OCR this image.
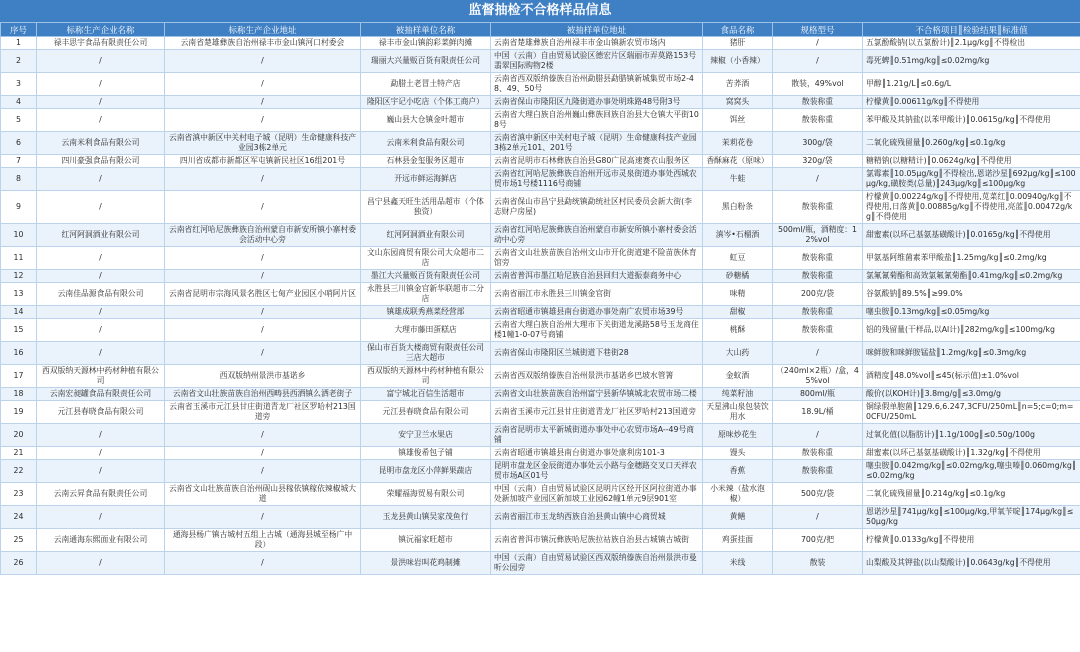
监督抽检不合格样品信息
序号	标称生产企业名称	标称生产企业地址	被抽样单位名称	被抽样单位地址	食品名称	规格型号	不合格项目║检验结果║标准值
1	禄丰思宇食品有限责任公司	云南省楚雄彝族自治州禄丰市金山镇河口村委会	禄丰市金山镇韵彩菜鲜肉摊	云南省楚雄彝族自治州禄丰市金山镇新农贸市场内	猪肝	/	五氯酚酸钠(以五氯酚计)║2.1μg/kg║不得检出
2	/	/	瑞丽大兴量贩百货有限责任公司	中国（云南）自由贸易试验区德宏片区瑞丽市弄莫路153号翡翠国际购物2楼	辣椒（小香辣）	/	毒死蜱║0.51mg/kg║≤0.02mg/kg
3	/	/	勐腊土老冒土特产店	云南省西双版纳傣族自治州勐腊县勐腊镇新城集贸市场2-48、49、50号	苦荞酒	散装，49%vol	甲醇║1.21g/L║≤0.6g/L
4	/	/	隆阳区宇记小吃店（个体工商户）	云南省保山市隆阳区九隆街道办事处明珠路48号附3号	窝窝头	散装称重	柠檬黄║0.00611g/kg║不得使用
5	/	/	巍山县大仓镇金叶超市	云南省大理白族自治州巍山彝族回族自治县大仓镇大平街108号	饵丝	散装称重	苯甲酸及其钠盐(以苯甲酸计)║0.0615g/kg║不得使用
6	云南米利食品有限公司	云南省滇中新区中关村电子城（昆明）生命健康科技产业园3栋2单元	云南米利食品有限公司	云南省滇中新区中关村电子城（昆明）生命健康科技产业园3栋2单元101、201号	茉莉花卷	300g/袋	二氧化硫残留量║0.260g/kg║≤0.1g/kg
7	四川豪强食品有限公司	四川省成都市新都区军屯镇新民社区16组201号	石林县金玺服务区超市	云南省昆明市石林彝族自治县G80广昆高速赛衣山服务区	香酥麻花（原味）	320g/袋	糖精钠(以糖精计)║0.0624g/kg║不得使用
8	/	/	开远市鲜运海鲜店	云南省红河哈尼族彝族自治州开远市灵泉街道办事处西城农贸市场1号楼1116号商铺	牛蛙	/	氯霉素║10.05μg/kg║不得检出,恩诺沙星║692μg/kg║≤100μg/kg,磺胺类(总量)║243μg/kg║≤100μg/kg
9	/	/	昌宁县鑫天旺生活用品超市（个体独资）	云南省保山市昌宁县勐统镇勐统社区村民委员会新大街(李志财户房屋)	黑白粉条	散装称重	柠檬黄║0.00224g/kg║不得使用,苋菜红║0.00940g/kg║不得使用,日落黄║0.00885g/kg║不得使用,亮蓝║0.00472g/kg║不得使用
10	红河阿洞酒业有限公司	云南省红河哈尼族彝族自治州蒙自市新安所镇小寨村委会活动中心旁	红河阿洞酒业有限公司	云南省红河哈尼族彝族自治州蒙自市新安所镇小寨村委会活动中心旁	滇岑•石榴酒	500ml/瓶，酒精度：12%vol	甜蜜素(以环己基氨基磺酸计)║0.0165g/kg║不得使用
11	/	/	文山东园商贸有限公司大众超市二店	云南省文山壮族苗族自治州文山市开化街道建不险苗族休育馆旁	虹豆	散装称重	甲氨基阿维菌素苯甲酸盐║1.25mg/kg║≤0.2mg/kg
12	/	/	墨江大兴量贩百货有限责任公司	云南省普洱市墨江哈尼族自治县回归大道振泰商务中心	砂糖橘	散装称重	氯氟氰菊酯和高效氯氟氰菊酯║0.41mg/kg║≤0.2mg/kg
13	云南佳品源食品有限公司	云南省昆明市宗海风景名胜区七甸产业园区小哨阿片区	永胜县三川镇金官新华联超市二分店	云南省丽江市永胜县三川镇金官街	味精	200克/袋	谷氨酸钠║89.5%║≥99.0%
14	/	/	镇雄成联秀燕菜经营部	云南省昭通市镇雄县南台街道办事处南广农贸市场39号	甜椒	散装称重	噻虫胺║0.13mg/kg║≤0.05mg/kg
15	/	/	大理市藤田蛋糕店	云南省大理白族自治州大理市下关街道龙溪路58号玉龙商住楼1幢1-0-07号商铺	桃酥	散装称重	铝的残留量(干样品,以Al计)║282mg/kg║≤100mg/kg
16	/	/	保山市百货大楼商贸有限责任公司三店大超市	云南省保山市隆阳区兰城街道下巷街28	大山药	/	咪鲜胺和咪鲜胺锰盐║1.2mg/kg║≤0.3mg/kg
17	西双版纳天源林中药材种植有限公司	西双版纳州景洪市基诺乡	西双版纳天源林中药材种植有限公司	云南省西双版纳傣族自治州景洪市基诺乡巴坡水管箐	金蚁酒	（240ml×2瓶）/盒，45%vol	酒精度║48.0%vol║≤45(标示值)±1.0%vol
18	云南宏昶罐食品有限责任公司	云南省文山壮族苗族自治州西畴县西洒镇么洒老街子	富宁城北百信生活超市	云南省文山壮族苗族自治州富宁县新华镇城北农贸市场二楼	纯菜籽油	800ml/瓶	酸价(以KOH计)║3.8mg/g║≤3.0mg/g
19	元江县春晓食品有限公司	云南省玉溪市元江县甘庄街道青龙厂社区罗哈村213国道旁	元江县春晓食品有限公司	云南省玉溪市元江县甘庄街道青龙厂社区罗哈村213国道旁	天星沸山泉包装饮用水	18.9L/桶	铜绿假单胞菌║129.6,6.247,3CFU/250mL║n=5;c=0;m=0CFU/250mL
20	/	/	安宁卫兰水果店	云南省昆明市太平新城街道办事处中心农贸市场A--49号商铺	原味炒花生	/	过氧化值(以脂肪计)║1.1g/100g║≤0.50g/100g
21	/	/	镇雄俊希包子铺	云南省昭通市镇雄县南台街道办事处康利房101-3	馒头	散装称重	甜蜜素(以环己基氨基磺酸计)║1.32g/kg║不得使用
22	/	/	昆明市盘龙区小萍鲜果蔬店	昆明市盘龙区金辰街道办事处云小路与金穗路交叉口天祥农贸市场A区01号	香蕉	散装称重	噻虫胺║0.042mg/kg║≤0.02mg/kg,噻虫嗪║0.060mg/kg║≤0.02mg/kg
23	云南云昇食品有限责任公司	云南省文山壮族苗族自治州砚山县稼依镇稼依辣椒城大道	荣耀福海贸易有限公司	中国（云南）自由贸易试验区昆明片区经开区阿拉街道办事处新加坡产业园区新加坡工业园62幢1单元9层901室	小米辣（盐水泡椒）	500克/袋	二氧化硫残留量║0.214g/kg║≤0.1g/kg
24	/	/	玉龙县黄山镇吴家茂鱼行	云南省丽江市玉龙纳西族自治县黄山镇中心商贸城	黄鳝	/	恩诺沙星║741μg/kg║≤100μg/kg,甲氧苄啶║174μg/kg║≤50μg/kg
25	云南通海东熙面业有限公司	通海县杨广镇古城村五组上古城（通海县城至杨广中段）	镇沅福家旺超市	云南省普洱市镇沅彝族哈尼族拉祜族自治县古城镇古城街	鸡蛋挂面	700克/把	柠檬黄║0.0133g/kg║不得使用
26	/	/	景洪味岩叫花鸡制摊	中国（云南）自由贸易试验区西双版纳傣族自治州景洪市曼听公园旁	米线	散装	山梨酸及其钾盐(以山梨酸计)║0.0643g/kg║不得使用
